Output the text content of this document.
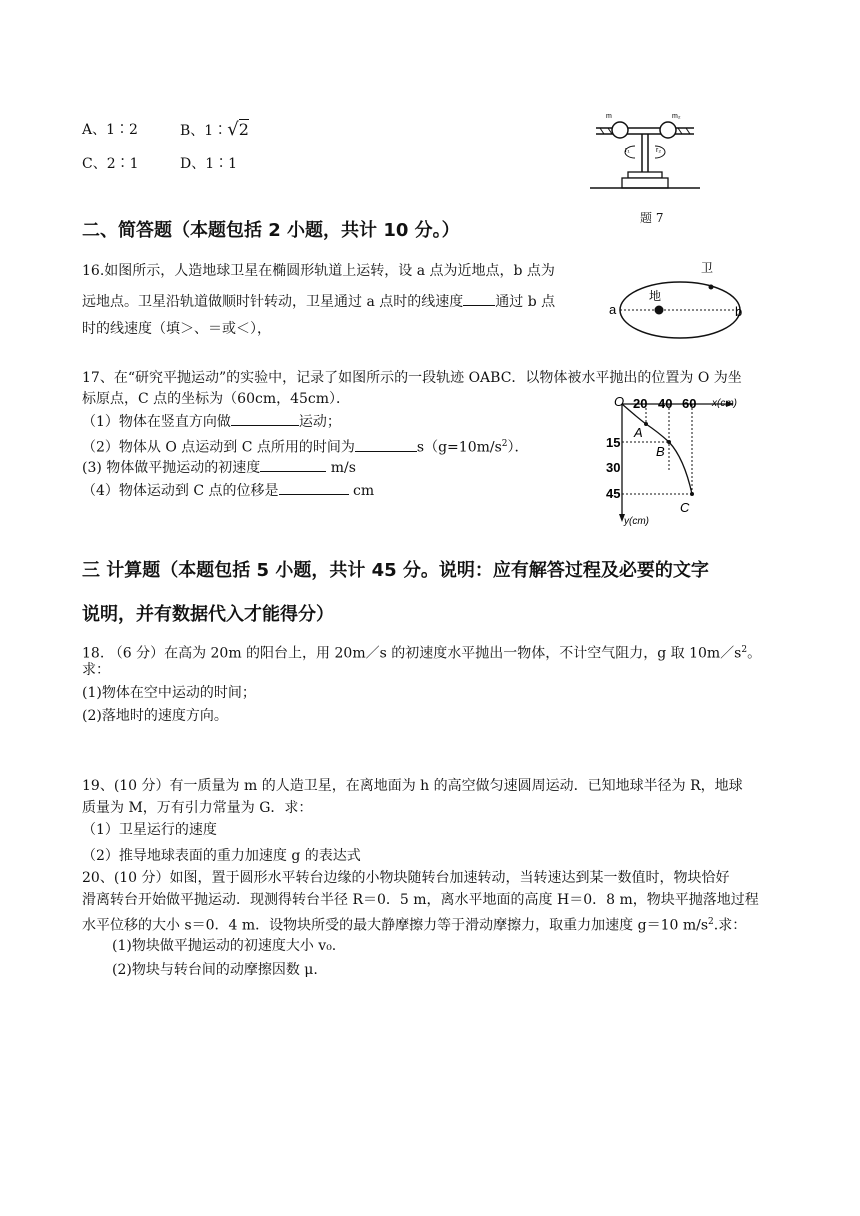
A、1∶2	B、1∶√2
C、2∶1	D、1∶1
m	m₂
r₁	r₂
题 7
二、简答题（本题包括 2 小题，共计 10 分。）
16.如图所示，人造地球卫星在椭圆形轨道上运转，设 a 点为近地点，b 点为
远地点。卫星沿轨道做顺时针转动，卫星通过 a 点时的线速度 通过 b 点
时的线速度（填＞、＝或＜），
地
卫
a	b
17、在“研究平抛运动”的实验中，记录了如图所示的一段轨迹 OABC．以物体被水平抛出的位置为 O 为坐
标原点，C 点的坐标为（60cm，45cm）．
（1）物体在竖直方向做	运动；
（2）物体从 O 点运动到 C 点所用的时间为	$s(g=10m/s^2)$．
(3) 物体做平抛运动的初速度	m/s
（4）物体运动到 C 点的位移是	cm
O	x(cm)
y(cm)
20 40 60
15
30
45
A
B
C
三 计算题（本题包括 5 小题，共计 45 分。说明：应有解答过程及必要的文字
说明，并有数据代入才能得分）
18. （6 分）在高为 20m 的阳台上，用 20m／s 的初速度水平抛出一物体，不计空气阻力，g 取 $10m/s^2$。
求：
(1)物体在空中运动的时间；
(2)落地时的速度方向。
19、(10 分）有一质量为 m 的人造卫星，在离地面为 h 的高空做匀速圆周运动．已知地球半径为 R，地球
质量为 M，万有引力常量为 G．求：
（1）卫星运行的速度
（2）推导地球表面的重力加速度 g 的表达式
20、(10 分）如图，置于圆形水平转台边缘的小物块随转台加速转动，当转速达到某一数值时，物块恰好
滑离转台开始做平抛运动．现测得转台半径 R＝0．5 m，离水平地面的高度 H＝0．8 m，物块平抛落地过程
水平位移的大小 s＝0．4 m．设物块所受的最大静摩擦力等于滑动摩擦力，取重力加速度 g＝10 $m/s^2$.求：
(1)物块做平抛运动的初速度大小 v₀.
(2)物块与转台间的动摩擦因数 μ.
